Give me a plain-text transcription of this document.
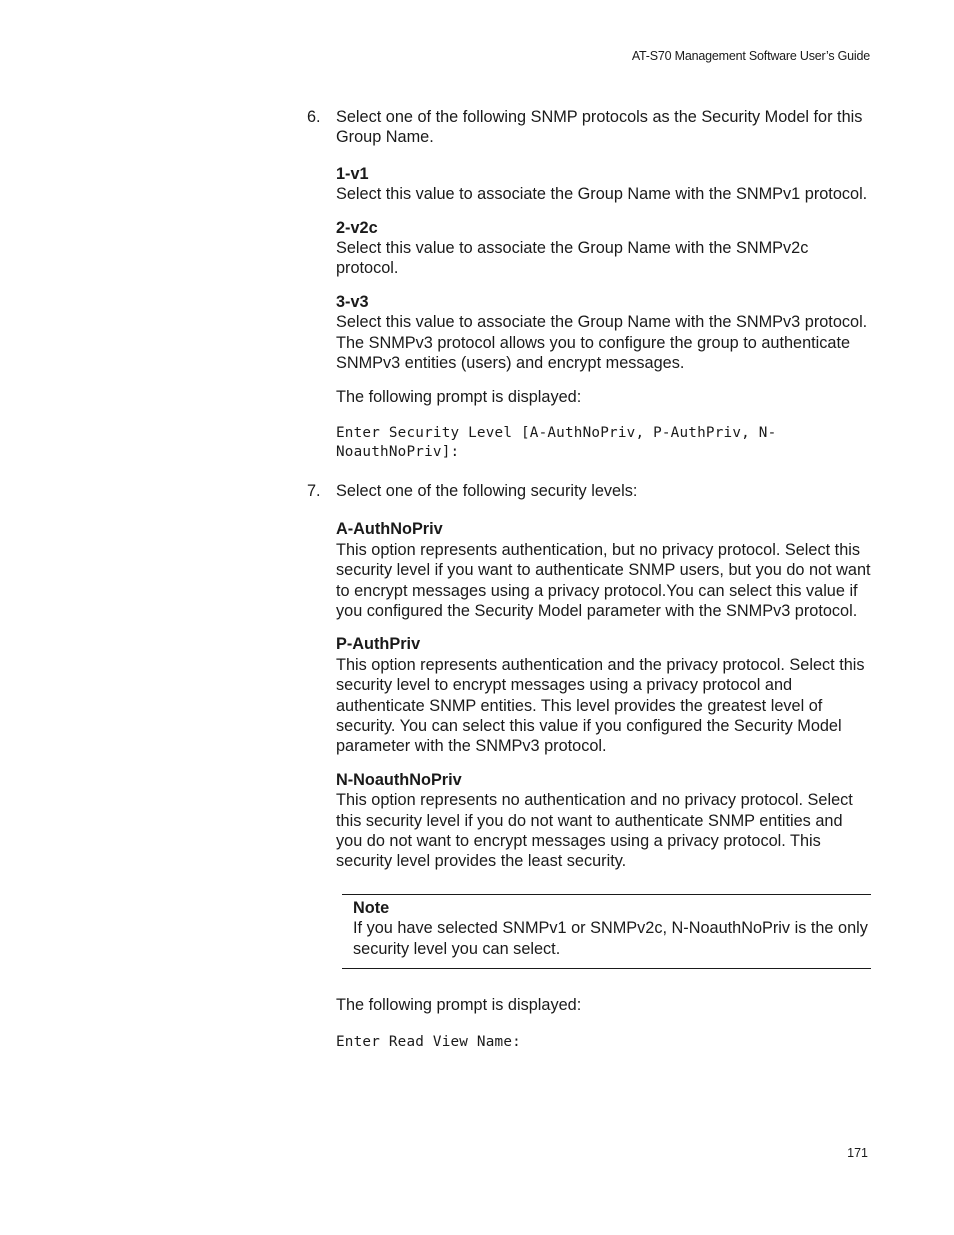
AT-S70 Management Software User’s Guide
6. Select one of the following SNMP protocols as the Security Model for this Group Name.

1-v1
Select this value to associate the Group Name with the SNMPv1 protocol.
2-v2c
Select this value to associate the Group Name with the SNMPv2c protocol.
3-v3
Select this value to associate the Group Name with the SNMPv3 protocol. The SNMPv3 protocol allows you to configure the group to authenticate SNMPv3 entities (users) and encrypt messages.

The following prompt is displayed:

Enter Security Level [A-AuthNoPriv, P-AuthPriv, N-NoauthNoPriv]:
7. Select one of the following security levels:

A-AuthNoPriv
This option represents authentication, but no privacy protocol. Select this security level if you want to authenticate SNMP users, but you do not want to encrypt messages using a privacy protocol.You can select this value if you configured the Security Model parameter with the SNMPv3 protocol.
P-AuthPriv
This option represents authentication and the privacy protocol. Select this security level to encrypt messages using a privacy protocol and authenticate SNMP entities. This level provides the greatest level of security. You can select this value if you configured the Security Model parameter with the SNMPv3 protocol.
N-NoauthNoPriv
This option represents no authentication and no privacy protocol. Select this security level if you do not want to authenticate SNMP entities and you do not want to encrypt messages using a privacy protocol. This security level provides the least security.
Note
If you have selected SNMPv1 or SNMPv2c, N-NoauthNoPriv is the only security level you can select.

The following prompt is displayed:

Enter Read View Name:
171
